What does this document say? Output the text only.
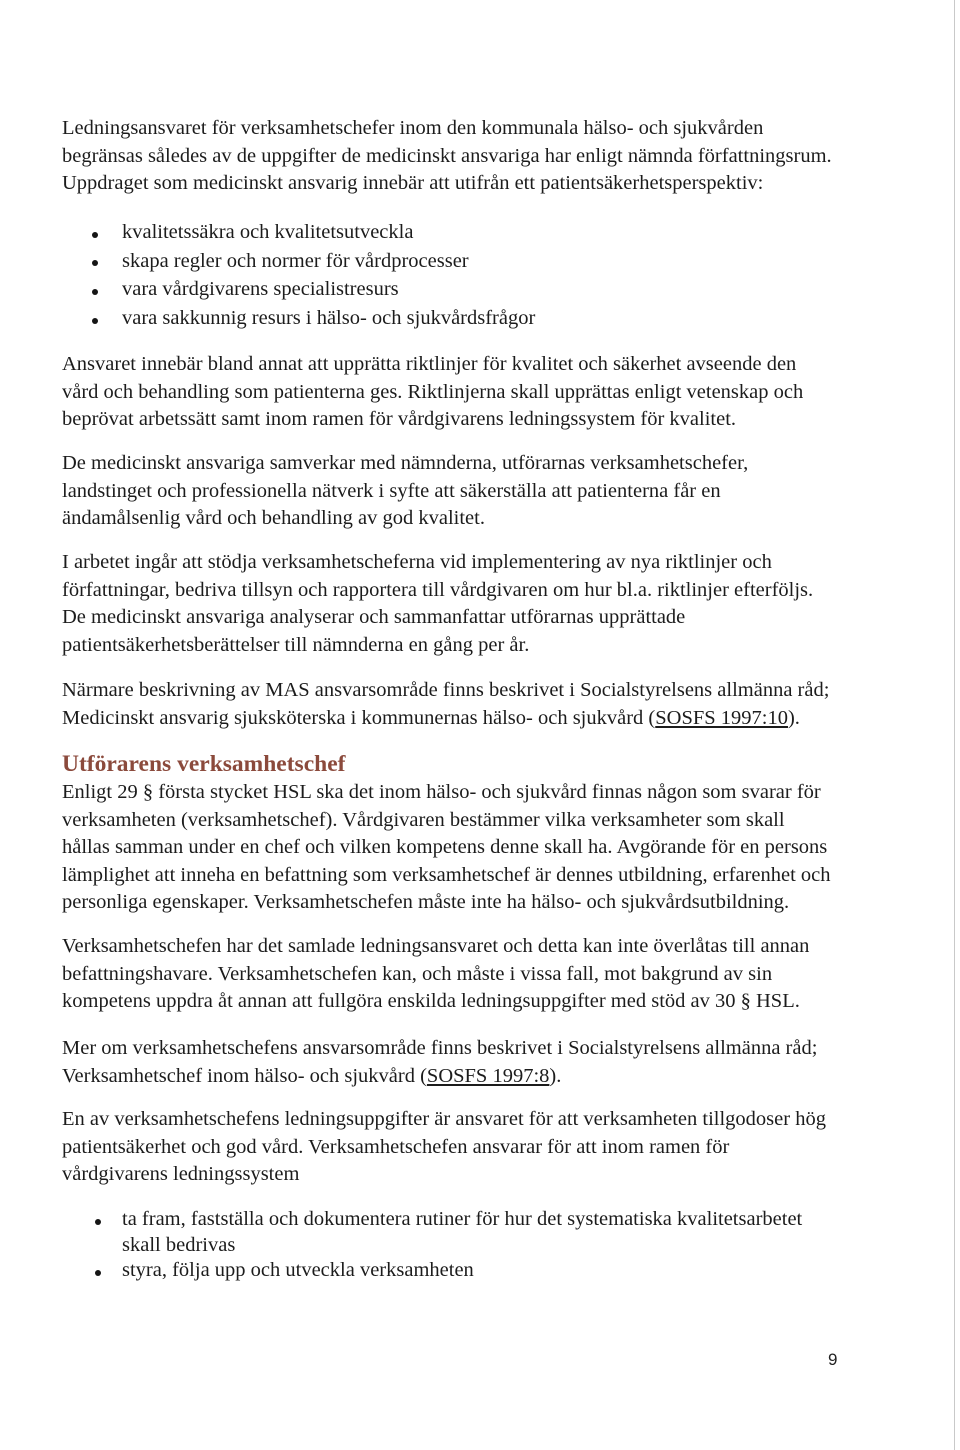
Ledningsansvaret för verksamhetschefer inom den kommunala hälso- och sjukvården
begränsas således av de uppgifter de medicinskt ansvariga har enligt nämnda författningsrum.
Uppdraget som medicinskt ansvarig innebär att utifrån ett patientsäkerhetsperspektiv:
kvalitetssäkra och kvalitetsutveckla
skapa regler och normer för vårdprocesser
vara vårdgivarens specialistresurs
vara sakkunnig resurs i hälso- och sjukvårdsfrågor
Ansvaret innebär bland annat att upprätta riktlinjer för kvalitet och säkerhet avseende den
vård och behandling som patienterna ges. Riktlinjerna skall upprättas enligt vetenskap och
beprövat arbetssätt samt inom ramen för vårdgivarens ledningssystem för kvalitet.
De medicinskt ansvariga samverkar med nämnderna, utförarnas verksamhetschefer,
landstinget och professionella nätverk i syfte att säkerställa att patienterna får en
ändamålsenlig vård och behandling av god kvalitet.
I arbetet ingår att stödja verksamhetscheferna vid implementering av nya riktlinjer och
författningar, bedriva tillsyn och rapportera till vårdgivaren om hur bl.a. riktlinjer efterföljs.
De medicinskt ansvariga analyserar och sammanfattar utförarnas upprättade
patientsäkerhetsberättelser till nämnderna en gång per år.
Närmare beskrivning av MAS ansvarsområde finns beskrivet i Socialstyrelsens allmänna råd;
Medicinskt ansvarig sjuksköterska i kommunernas hälso- och sjukvård (SOSFS 1997:10).
Utförarens verksamhetschef
Enligt 29 § första stycket HSL ska det inom hälso- och sjukvård finnas någon som svarar för
verksamheten (verksamhetschef). Vårdgivaren bestämmer vilka verksamheter som skall
hållas samman under en chef och vilken kompetens denne skall ha. Avgörande för en persons
lämplighet att inneha en befattning som verksamhetschef är dennes utbildning, erfarenhet och
personliga egenskaper. Verksamhetschefen måste inte ha hälso- och sjukvårdsutbildning.
Verksamhetschefen har det samlade ledningsansvaret och detta kan inte överlåtas till annan
befattningshavare. Verksamhetschefen kan, och måste i vissa fall, mot bakgrund av sin
kompetens uppdra åt annan att fullgöra enskilda ledningsuppgifter med stöd av 30 § HSL.
Mer om verksamhetschefens ansvarsområde finns beskrivet i Socialstyrelsens allmänna råd;
Verksamhetschef inom hälso- och sjukvård (SOSFS 1997:8).
En av verksamhetschefens ledningsuppgifter är ansvaret för att verksamheten tillgodoser hög
patientsäkerhet och god vård. Verksamhetschefen ansvarar för att inom ramen för
vårdgivarens ledningssystem
ta fram, fastställa och dokumentera rutiner för hur det systematiska kvalitetsarbetet
skall bedrivas
styra, följa upp och utveckla verksamheten
9
